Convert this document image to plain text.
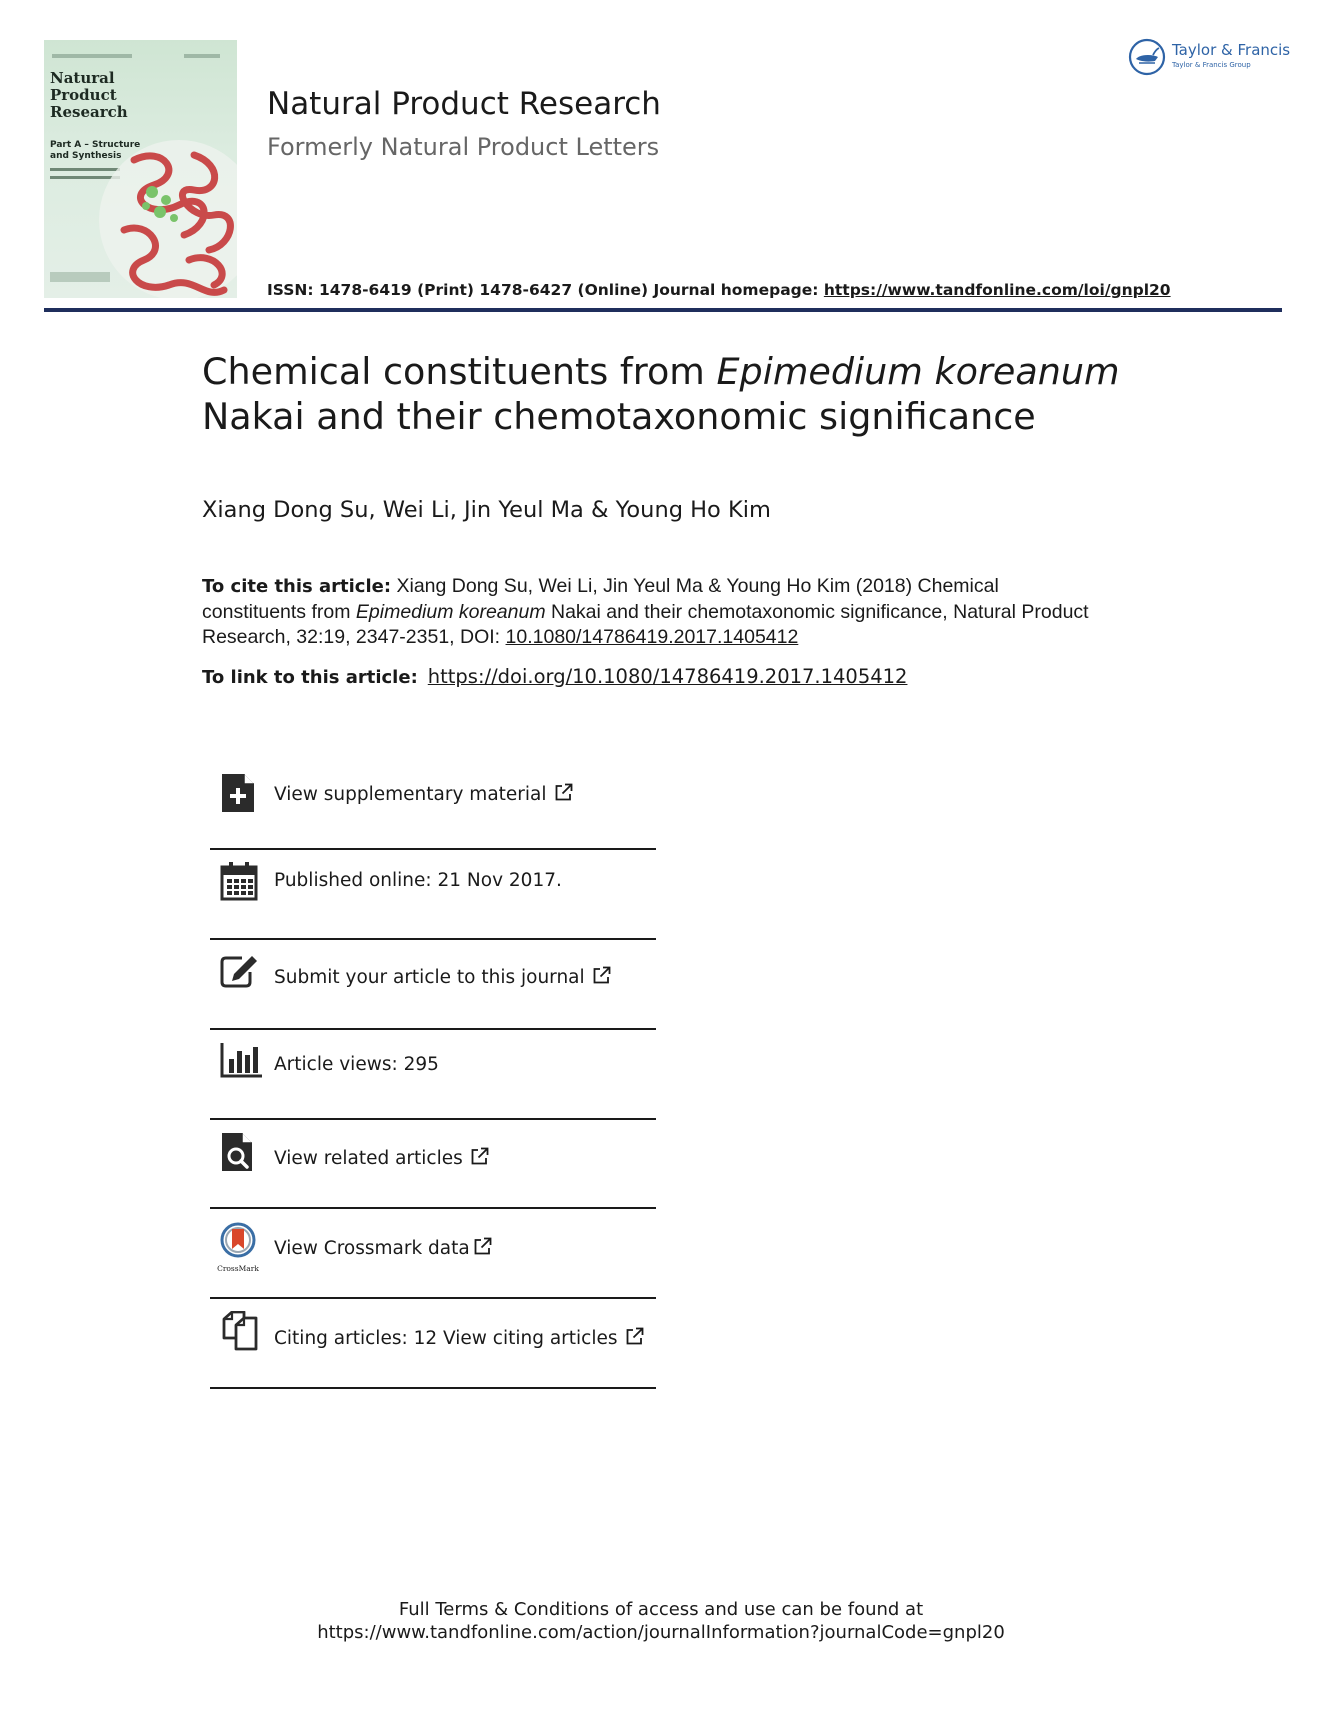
Natural
Product
Research
Part A – Structure and Synthesis
Natural Product Research
Formerly Natural Product Letters
ISSN: 1478-6419 (Print) 1478-6427 (Online) Journal homepage: https://www.tandfonline.com/loi/gnpl20
Taylor & Francis
Taylor & Francis Group
Chemical constituents from Epimedium koreanum
Nakai and their chemotaxonomic significance
Xiang Dong Su, Wei Li, Jin Yeul Ma & Young Ho Kim
To cite this article: Xiang Dong Su, Wei Li, Jin Yeul Ma & Young Ho Kim (2018) Chemical constituents from Epimedium koreanum Nakai and their chemotaxonomic significance, Natural Product Research, 32:19, 2347-2351, DOI: 10.1080/14786419.2017.1405412
To link to this article: https://doi.org/10.1080/14786419.2017.1405412
View supplementary material
Published online: 21 Nov 2017.
Submit your article to this journal
Article views: 295
View related articles
CrossMark
View Crossmark data
Citing articles: 12 View citing articles
Full Terms & Conditions of access and use can be found at
https://www.tandfonline.com/action/journalInformation?journalCode=gnpl20
